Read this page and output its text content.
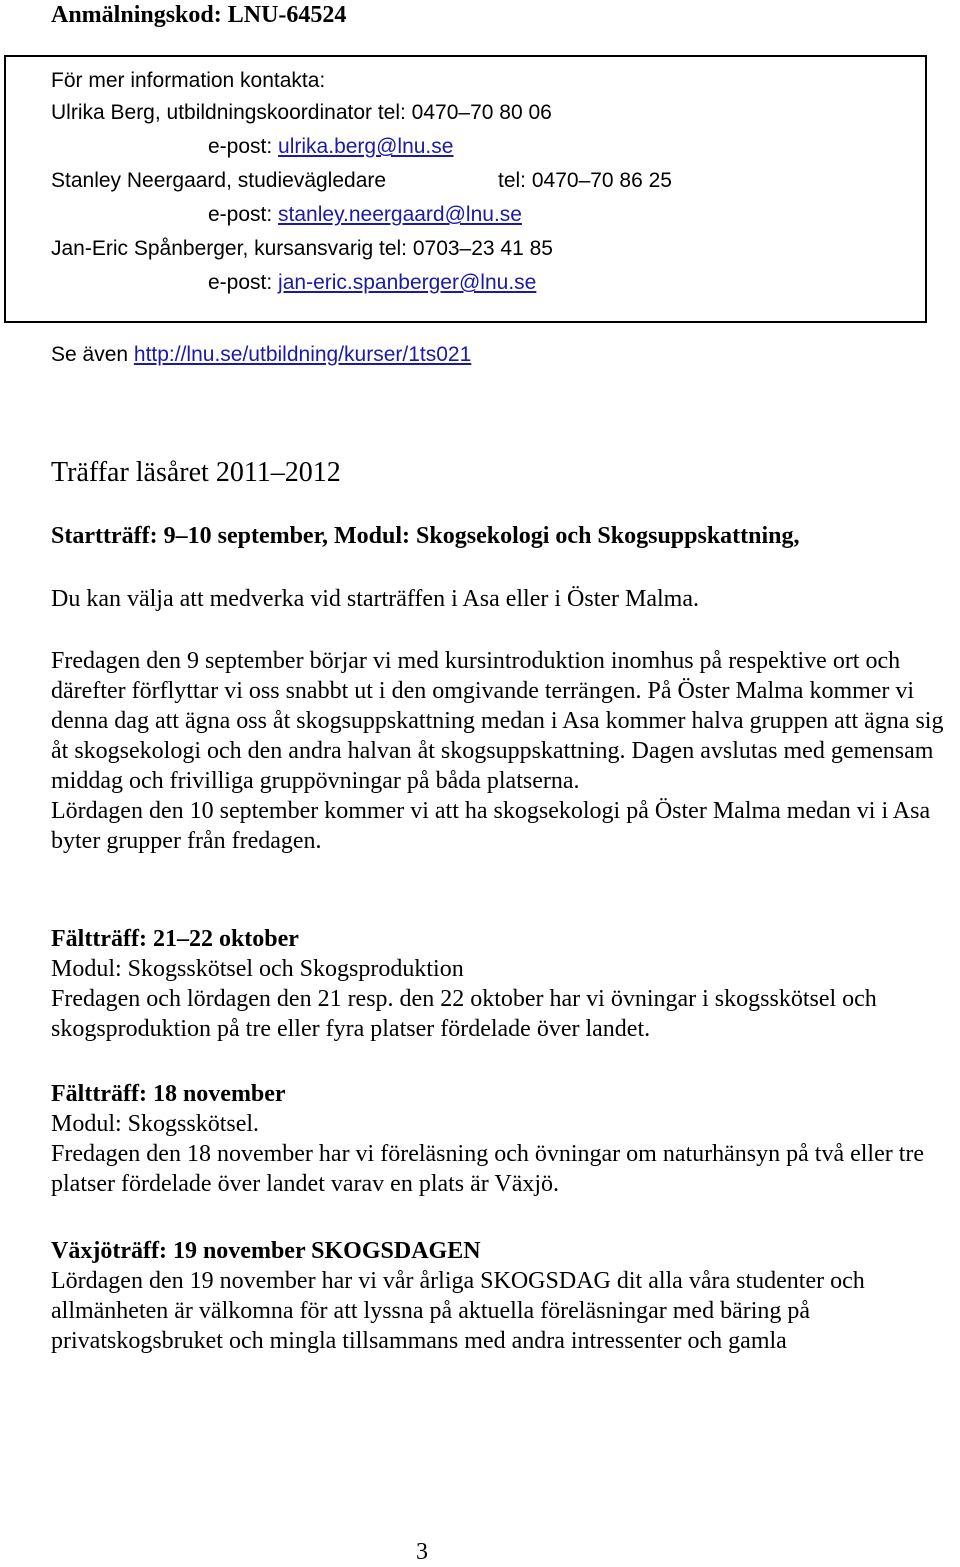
Anmälningskod: LNU-64524
För mer information kontakta:
Ulrika Berg, utbildningskoordinator tel: 0470–70 80 06
e-post: ulrika.berg@lnu.se
Stanley Neergaard, studievägledare	tel: 0470–70 86 25
e-post: stanley.neergaard@lnu.se
Jan-Eric Spånberger, kursansvarig tel: 0703–23 41 85
e-post: jan-eric.spanberger@lnu.se
Se även http://lnu.se/utbildning/kurser/1ts021
Träffar läsåret 2011–2012
Startträff: 9–10 september, Modul: Skogsekologi och Skogsuppskattning,
Du kan välja att medverka vid starträffen i Asa eller i Öster Malma.

Fredagen den 9 september börjar vi med kursintroduktion inomhus på respektive ort och därefter förflyttar vi oss snabbt ut i den omgivande terrängen. På Öster Malma kommer vi denna dag att ägna oss åt skogsuppskattning medan i Asa kommer halva gruppen att ägna sig åt skogsekologi och den andra halvan åt skogsuppskattning. Dagen avslutas med gemensam middag och frivilliga gruppövningar på båda platserna.

Lördagen den 10 september kommer vi att ha skogsekologi på Öster Malma medan vi i Asa byter grupper från fredagen.

Fältträff: 21–22 oktober

Modul: Skogsskötsel och Skogsproduktion

Fredagen och lördagen den 21 resp. den 22 oktober har vi övningar i skogsskötsel och skogsproduktion på tre eller fyra platser fördelade över landet.

Fältträff: 18 november

Modul: Skogsskötsel.

Fredagen den 18 november har vi föreläsning och övningar om naturhänsyn på två eller tre platser fördelade över landet varav en plats är Växjö.

Växjöträff: 19 november SKOGSDAGEN

Lördagen den 19 november har vi vår årliga SKOGSDAG dit alla våra studenter och allmänheten är välkomna för att lyssna på aktuella föreläsningar med bäring på privatskogsbruket och mingla tillsammans med andra intressenter och gamla

3
